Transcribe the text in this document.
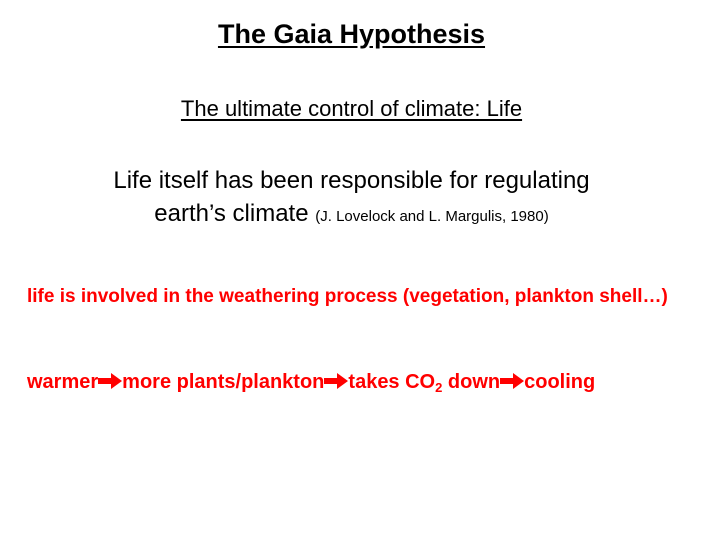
The Gaia Hypothesis
The ultimate control of climate: Life
Life itself has been responsible for regulating
earth’s climate (J. Lovelock and L. Margulis, 1980)
life is involved in the weathering process (vegetation, plankton shell…)
warmer more plants/plankton takes $CO_2$ down cooling
